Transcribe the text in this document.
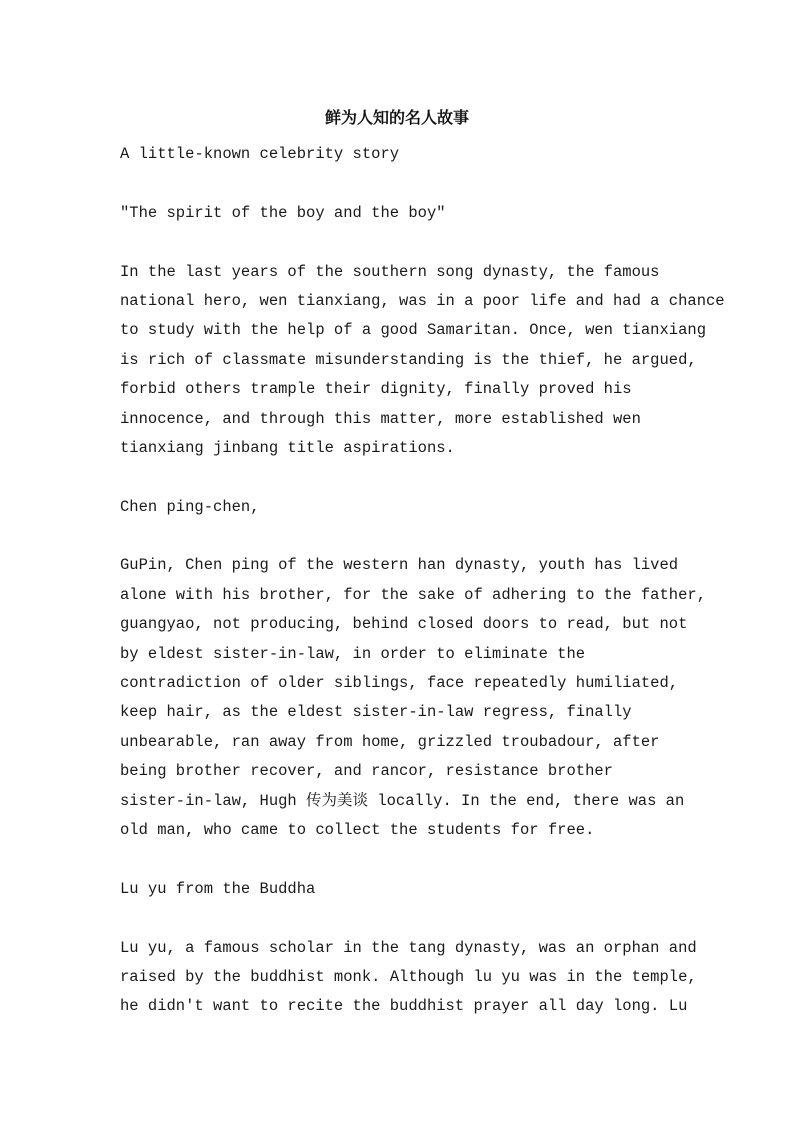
鲜为人知的名人故事
A little-known celebrity story
"The spirit of the boy and the boy"
In the last years of the southern song dynasty, the famous
national hero, wen tianxiang, was in a poor life and had a chance
to study with the help of a good Samaritan. Once, wen tianxiang
is rich of classmate misunderstanding is the thief, he argued,
forbid others trample their dignity, finally proved his
innocence, and through this matter, more established wen
tianxiang jinbang title aspirations.
Chen ping-chen,
GuPin, Chen ping of the western han dynasty, youth has lived
alone with his brother, for the sake of adhering to the father,
guangyao, not producing, behind closed doors to read, but not
by eldest sister-in-law, in order to eliminate the
contradiction of older siblings, face repeatedly humiliated,
keep hair, as the eldest sister-in-law regress, finally
unbearable, ran away from home, grizzled troubadour, after
being brother recover, and rancor, resistance brother
sister-in-law, Hugh 传为美谈 locally. In the end, there was an
old man, who came to collect the students for free.
Lu yu from the Buddha
Lu yu, a famous scholar in the tang dynasty, was an orphan and
raised by the buddhist monk. Although lu yu was in the temple,
he didn't want to recite the buddhist prayer all day long. Lu
